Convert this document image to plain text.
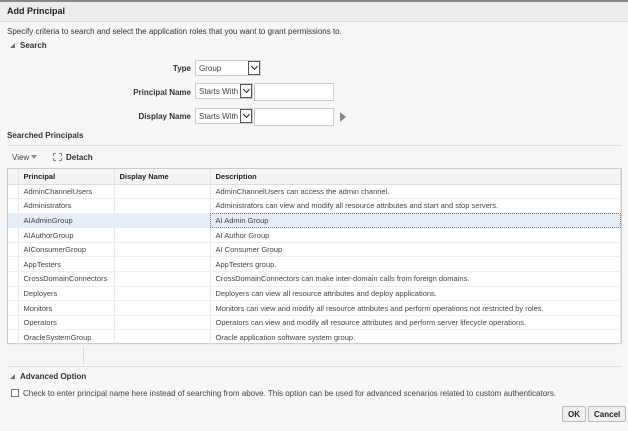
Add Principal
Specify criteria to search and select the application roles that you want to grant permissions to.
Search
Type Group
Principal Name Starts With
Display Name Starts With
Searched Principals
View	Detach
	Principal	Display Name	Description
	AdminChannelUsers		AdminChannelUsers can access the admin channel.
	Administrators		Administrators can view and modify all resource attributes and start and stop servers.
	AIAdminGroup		AI Admin Group
	AIAuthorGroup		AI Author Group
	AIConsumerGroup		AI Consumer Group
	AppTesters		AppTesters group.
	CrossDomainConnectors		CrossDomainConnectors can make inter-domain calls from foreign domains.
	Deployers		Deployers can view all resource attributes and deploy applications.
	Monitors		Monitors can view and modify all resource attributes and perform operations not restricted by roles.
	Operators		Operators can view and modify all resource attributes and perform server lifecycle operations.
	OracleSystemGroup		Oracle application software system group.
Advanced Option
Check to enter principal name here instead of searching from above. This option can be used for advanced scenarios related to custom authenticators.
OK	Cancel
